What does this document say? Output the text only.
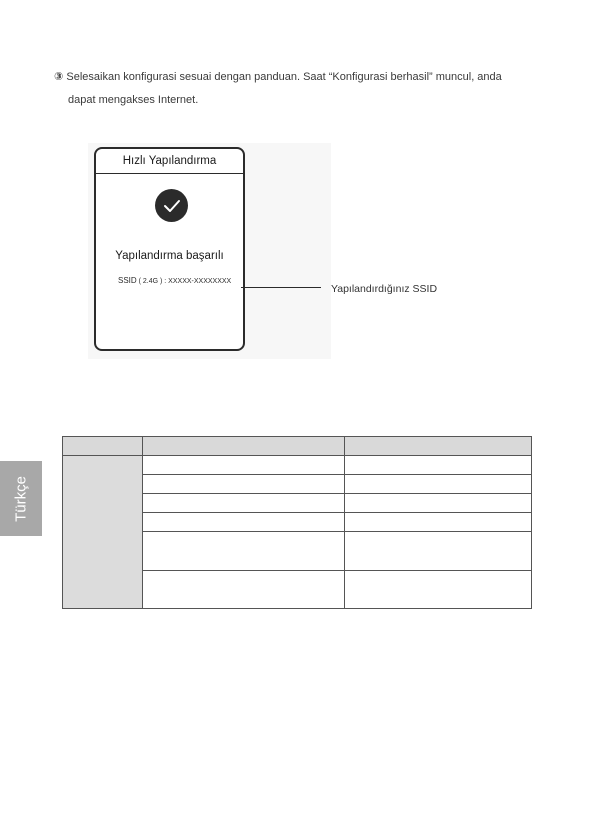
③ Selesaikan konfigurasi sesuai dengan panduan. Saat “Konfigurasi berhasil” muncul, anda
dapat mengakses Internet.
Hızlı Yapılandırma
Yapılandırma başarılı
SSID ( 2.4G ) : XXXXX-XXXXXXXX
Yapılandırdığınız SSID
Türkçe
